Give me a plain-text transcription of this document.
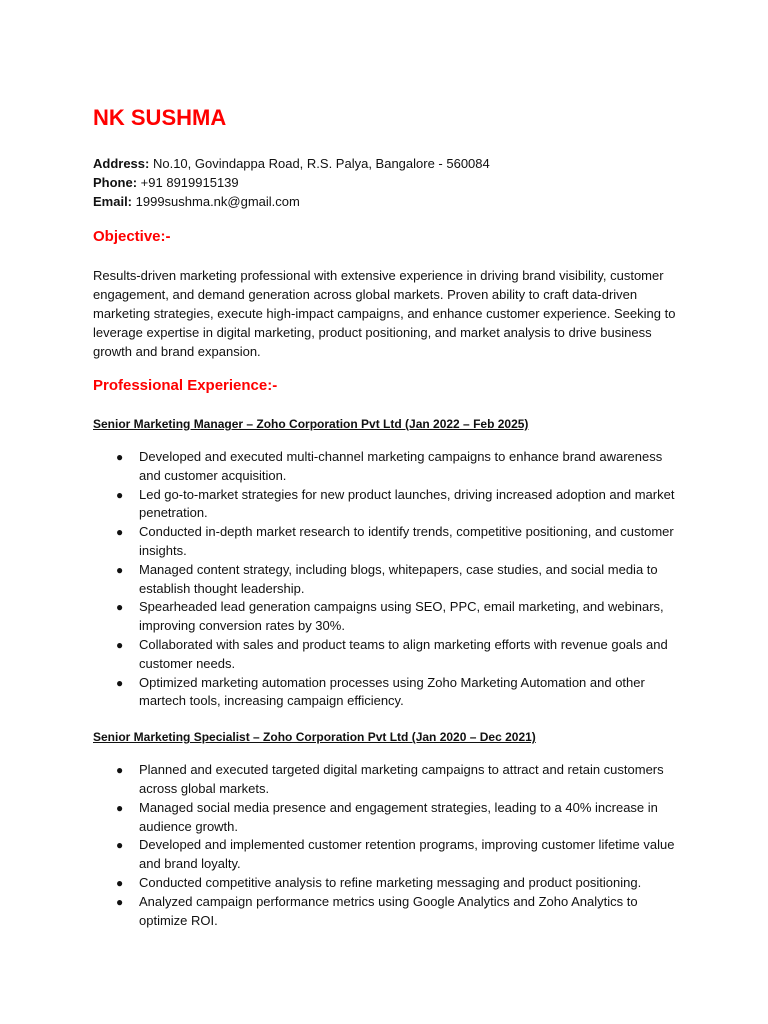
NK SUSHMA
Address: No.10, Govindappa Road, R.S. Palya, Bangalore - 560084
Phone: +91 8919915139
Email: 1999sushma.nk@gmail.com
Objective:-
Results-driven marketing professional with extensive experience in driving brand visibility, customer engagement, and demand generation across global markets. Proven ability to craft data-driven marketing strategies, execute high-impact campaigns, and enhance customer experience. Seeking to leverage expertise in digital marketing, product positioning, and market analysis to drive business growth and brand expansion.
Professional Experience:-
Senior Marketing Manager – Zoho Corporation Pvt Ltd (Jan 2022 – Feb 2025)
● Developed and executed multi-channel marketing campaigns to enhance brand awareness and customer acquisition.
● Led go-to-market strategies for new product launches, driving increased adoption and market penetration.
● Conducted in-depth market research to identify trends, competitive positioning, and customer insights.
● Managed content strategy, including blogs, whitepapers, case studies, and social media to establish thought leadership.
● Spearheaded lead generation campaigns using SEO, PPC, email marketing, and webinars, improving conversion rates by 30%.
● Collaborated with sales and product teams to align marketing efforts with revenue goals and customer needs.
● Optimized marketing automation processes using Zoho Marketing Automation and other martech tools, increasing campaign efficiency.
Senior Marketing Specialist – Zoho Corporation Pvt Ltd (Jan 2020 – Dec 2021)
● Planned and executed targeted digital marketing campaigns to attract and retain customers across global markets.
● Managed social media presence and engagement strategies, leading to a 40% increase in audience growth.
● Developed and implemented customer retention programs, improving customer lifetime value and brand loyalty.
● Conducted competitive analysis to refine marketing messaging and product positioning.
● Analyzed campaign performance metrics using Google Analytics and Zoho Analytics to optimize ROI.
